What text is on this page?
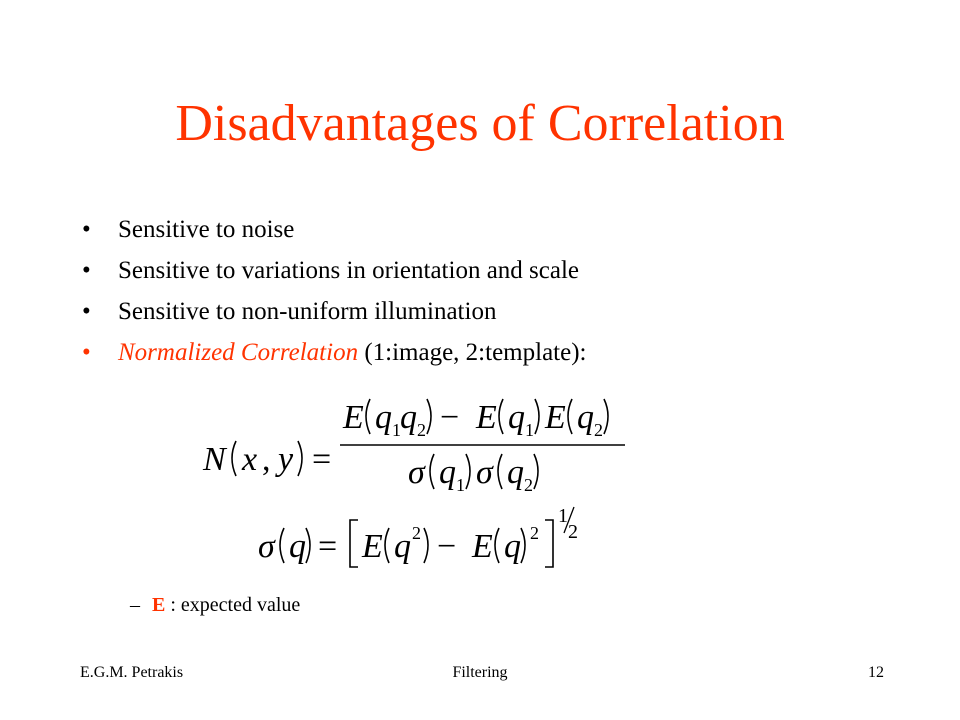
Disadvantages of Correlation
• Sensitive to noise
• Sensitive to variations in orientation and scale
• Sensitive to non-uniform illumination
• Normalized Correlation (1:image, 2:template):
N x , y =
E q 1 q 2 − E q 1 E q 2
σ q 1 σ q 2
σ q = E q 2 − E q 2
1
2
– E : expected value
E.G.M. Petrakis	Filtering	12
